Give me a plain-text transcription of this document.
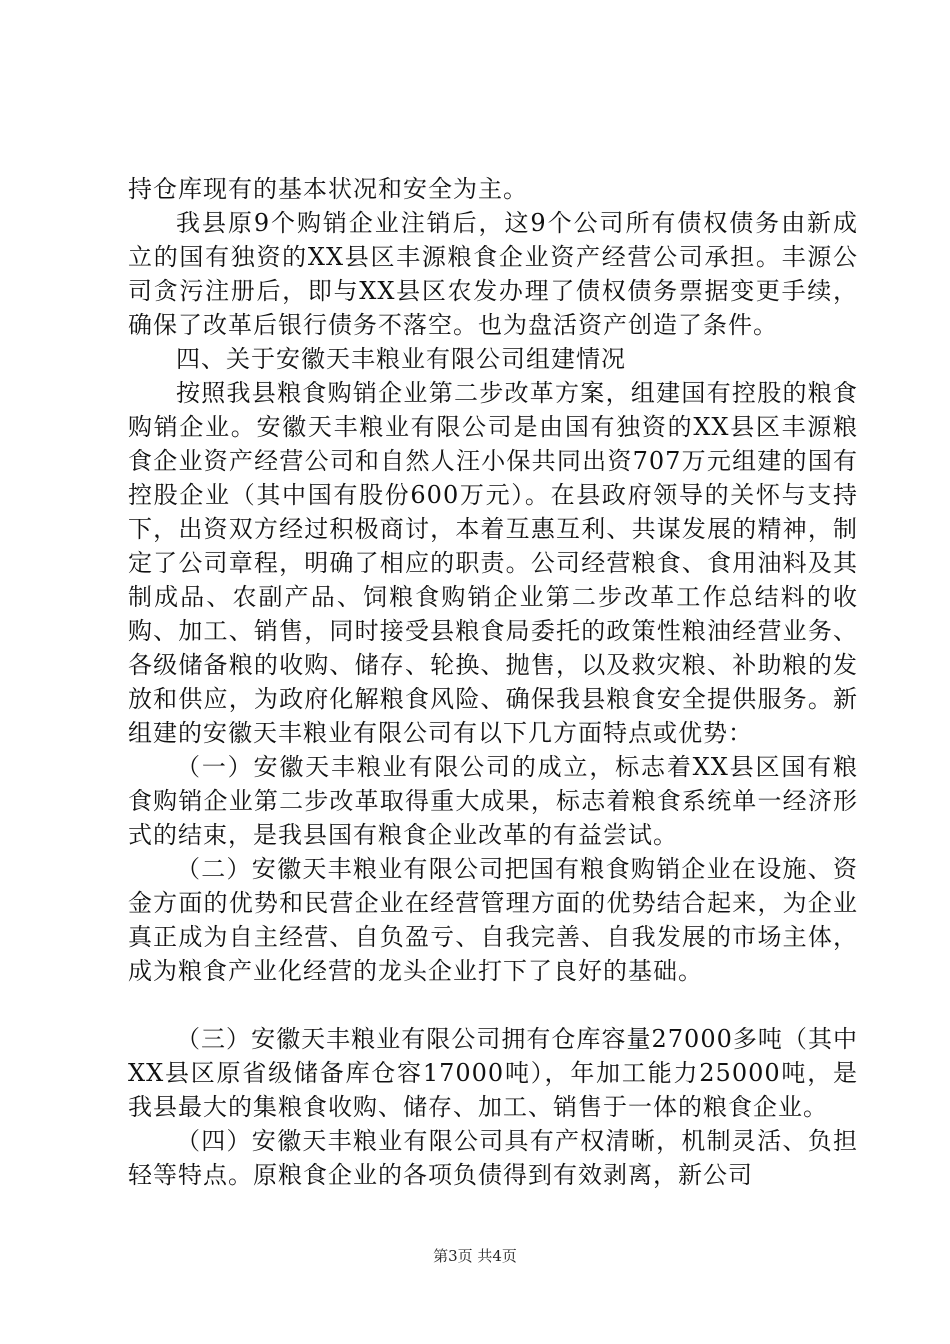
持仓库现有的基本状况和安全为主。

我县原9个购销企业注销后，这9个公司所有债权债务由新成立的国有独资的XX县区丰源粮食企业资产经营公司承担。丰源公司贪污注册后，即与XX县区农发办理了债权债务票据变更手续，确保了改革后银行债务不落空。也为盘活资产创造了条件。

四、关于安徽天丰粮业有限公司组建情况

按照我县粮食购销企业第二步改革方案，组建国有控股的粮食购销企业。安徽天丰粮业有限公司是由国有独资的XX县区丰源粮食企业资产经营公司和自然人汪小保共同出资707万元组建的国有控股企业（其中国有股份600万元）。在县政府领导的关怀与支持下，出资双方经过积极商讨，本着互惠互利、共谋发展的精神，制定了公司章程，明确了相应的职责。公司经营粮食、食用油料及其制成品、农副产品、饲粮食购销企业第二步改革工作总结料的收购、加工、销售，同时接受县粮食局委托的政策性粮油经营业务、各级储备粮的收购、储存、轮换、抛售，以及救灾粮、补助粮的发放和供应，为政府化解粮食风险、确保我县粮食安全提供服务。新组建的安徽天丰粮业有限公司有以下几方面特点或优势：

（一）安徽天丰粮业有限公司的成立，标志着XX县区国有粮食购销企业第二步改革取得重大成果，标志着粮食系统单一经济形式的结束，是我县国有粮食企业改革的有益尝试。

（二）安徽天丰粮业有限公司把国有粮食购销企业在设施、资金方面的优势和民营企业在经营管理方面的优势结合起来，为企业真正成为自主经营、自负盈亏、自我完善、自我发展的市场主体，成为粮食产业化经营的龙头企业打下了良好的基础。

（三）安徽天丰粮业有限公司拥有仓库容量27000多吨（其中XX县区原省级储备库仓容17000吨），年加工能力25000吨，是我县最大的集粮食收购、储存、加工、销售于一体的粮食企业。

（四）安徽天丰粮业有限公司具有产权清晰，机制灵活、负担轻等特点。原粮食企业的各项负债得到有效剥离，新公司

第3页 共4页
